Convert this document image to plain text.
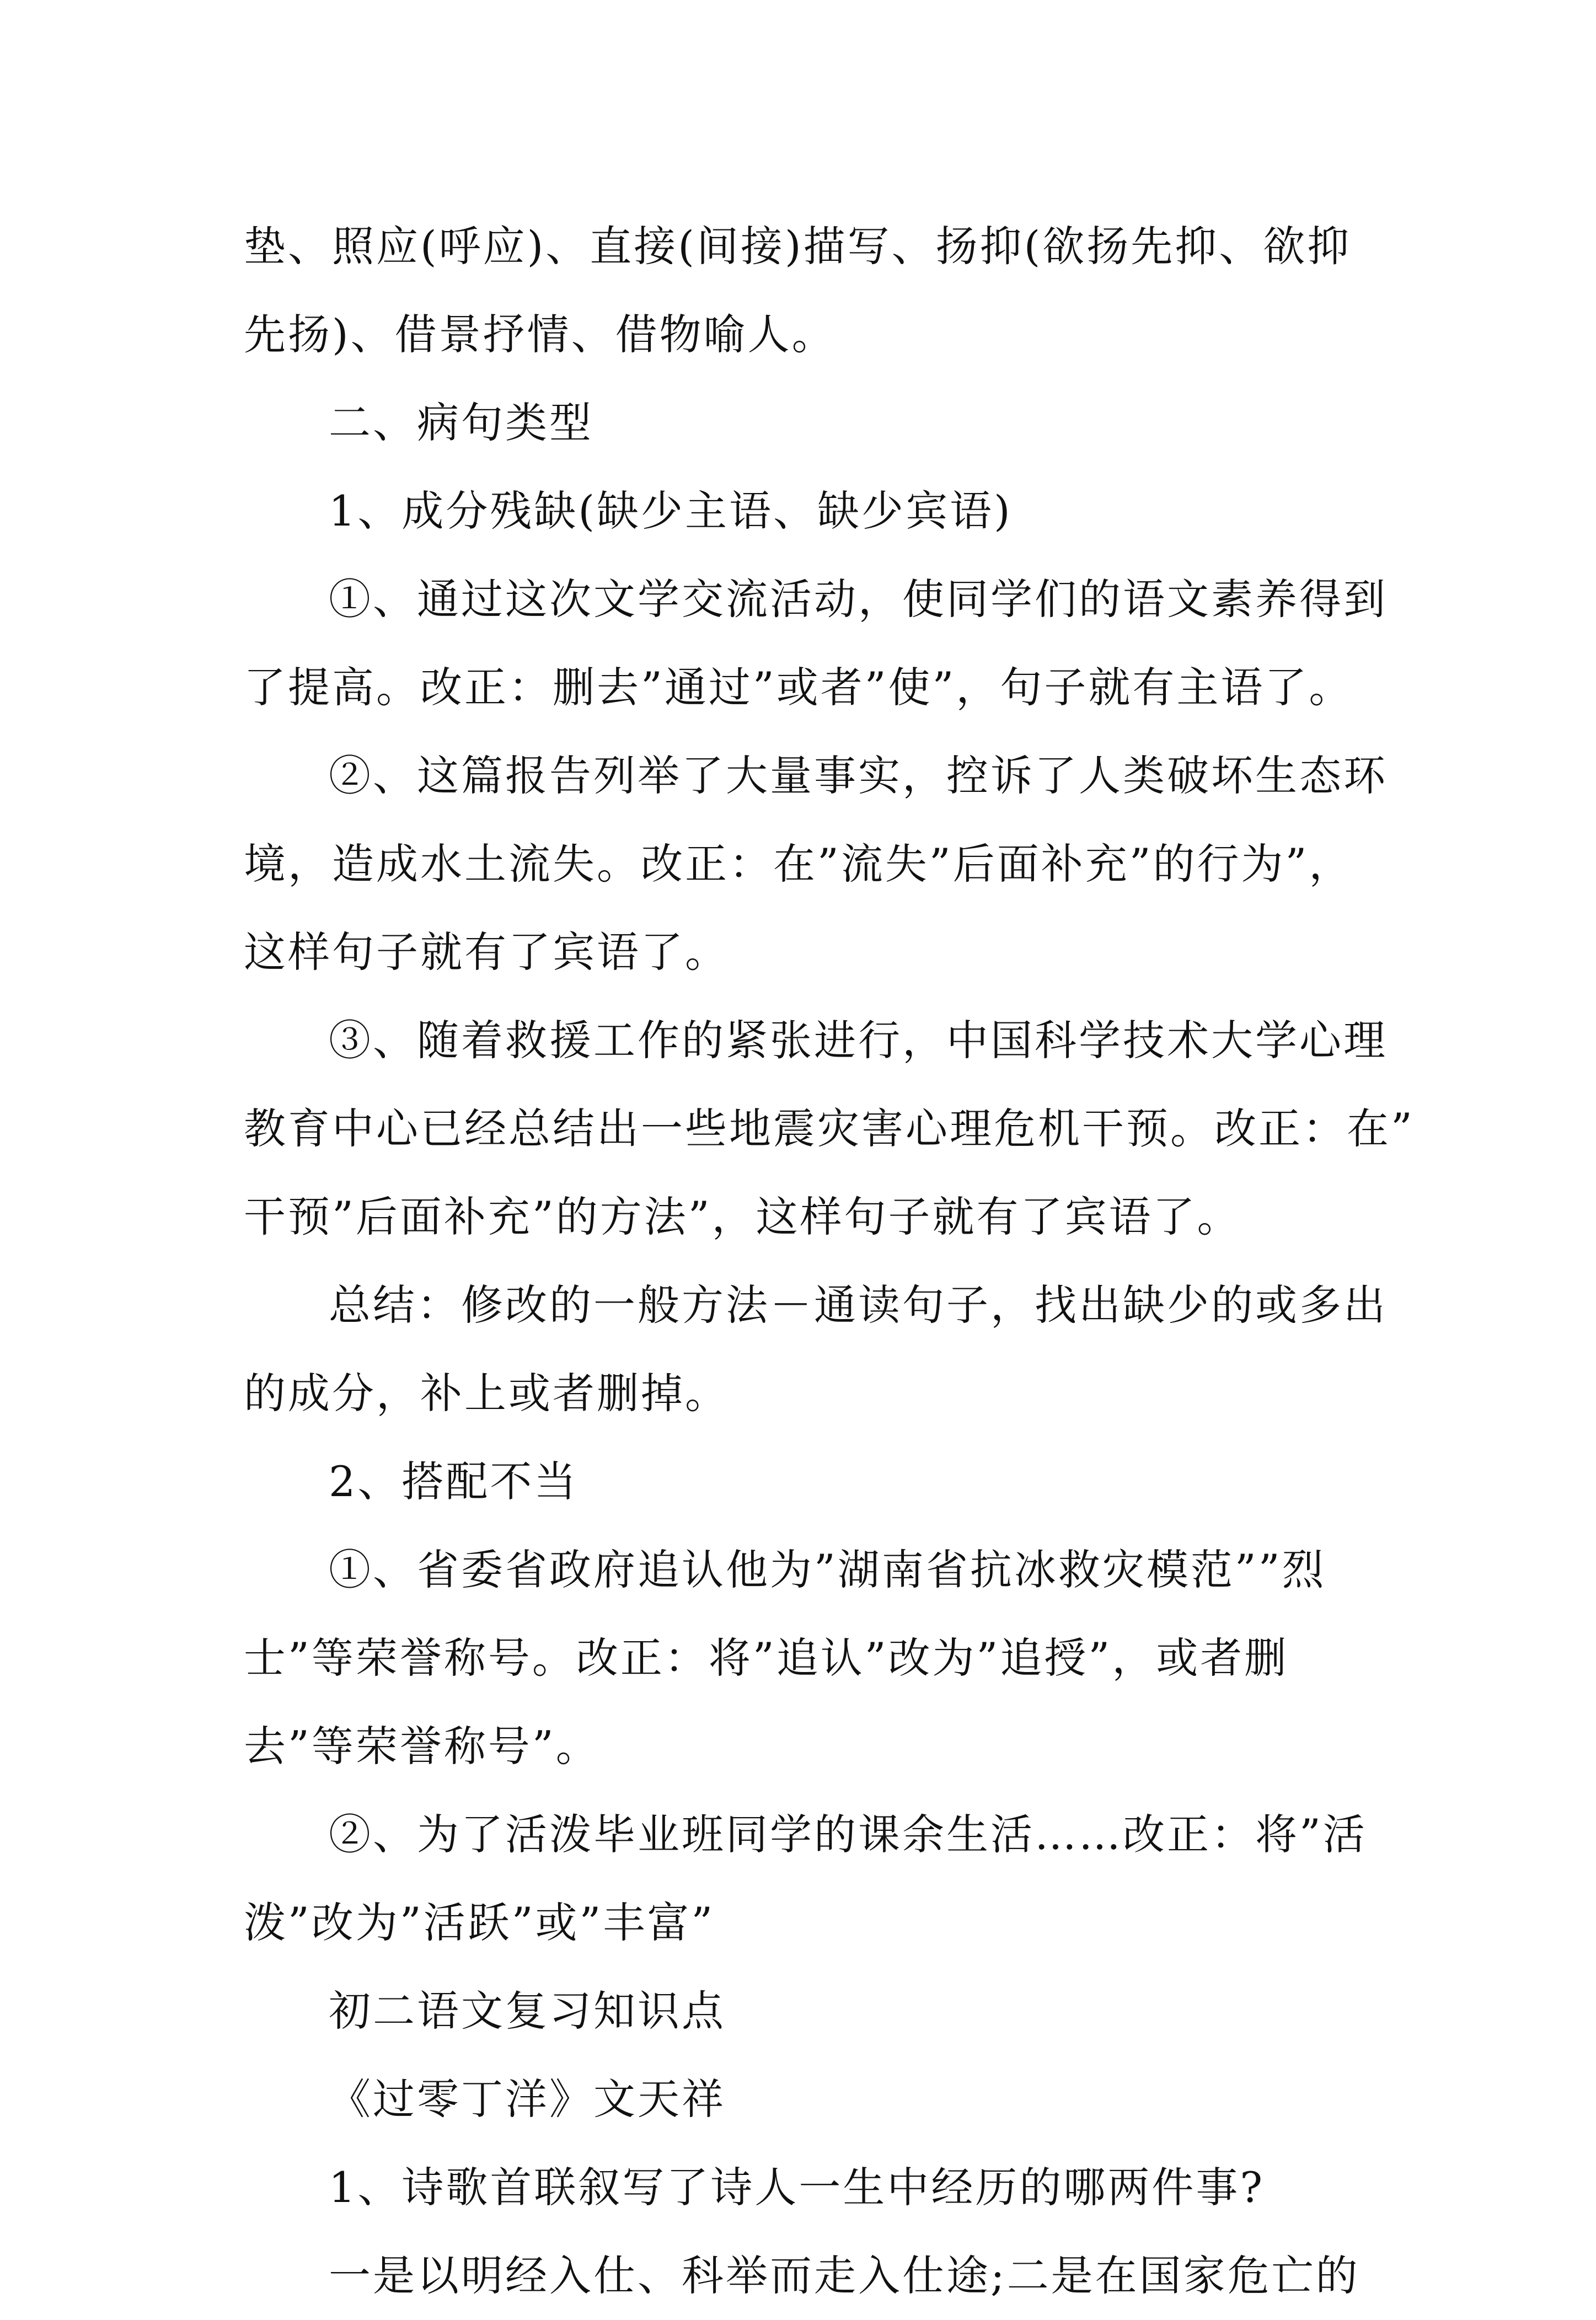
垫、照应(呼应)、直接(间接)描写、扬抑(欲扬先抑、欲抑
先扬)、借景抒情、借物喻人。
二、病句类型
1、成分残缺(缺少主语、缺少宾语)
①、通过这次文学交流活动，使同学们的语文素养得到
了提高。改正：删去”通过”或者”使”，句子就有主语了。
②、这篇报告列举了大量事实，控诉了人类破坏生态环
境，造成水土流失。改正：在”流失”后面补充”的行为”，
这样句子就有了宾语了。
③、随着救援工作的紧张进行，中国科学技术大学心理
教育中心已经总结出一些地震灾害心理危机干预。改正：在”
干预”后面补充”的方法”，这样句子就有了宾语了。
总结：修改的一般方法－通读句子，找出缺少的或多出
的成分，补上或者删掉。
2、搭配不当
①、省委省政府追认他为”湖南省抗冰救灾模范””烈
士”等荣誉称号。改正：将”追认”改为”追授”，或者删
去”等荣誉称号”。
②、为了活泼毕业班同学的课余生活……改正：将”活
泼”改为”活跃”或”丰富”
初二语文复习知识点
《过零丁洋》文天祥
1、诗歌首联叙写了诗人一生中经历的哪两件事?
一是以明经入仕、科举而走入仕途;二是在国家危亡的
